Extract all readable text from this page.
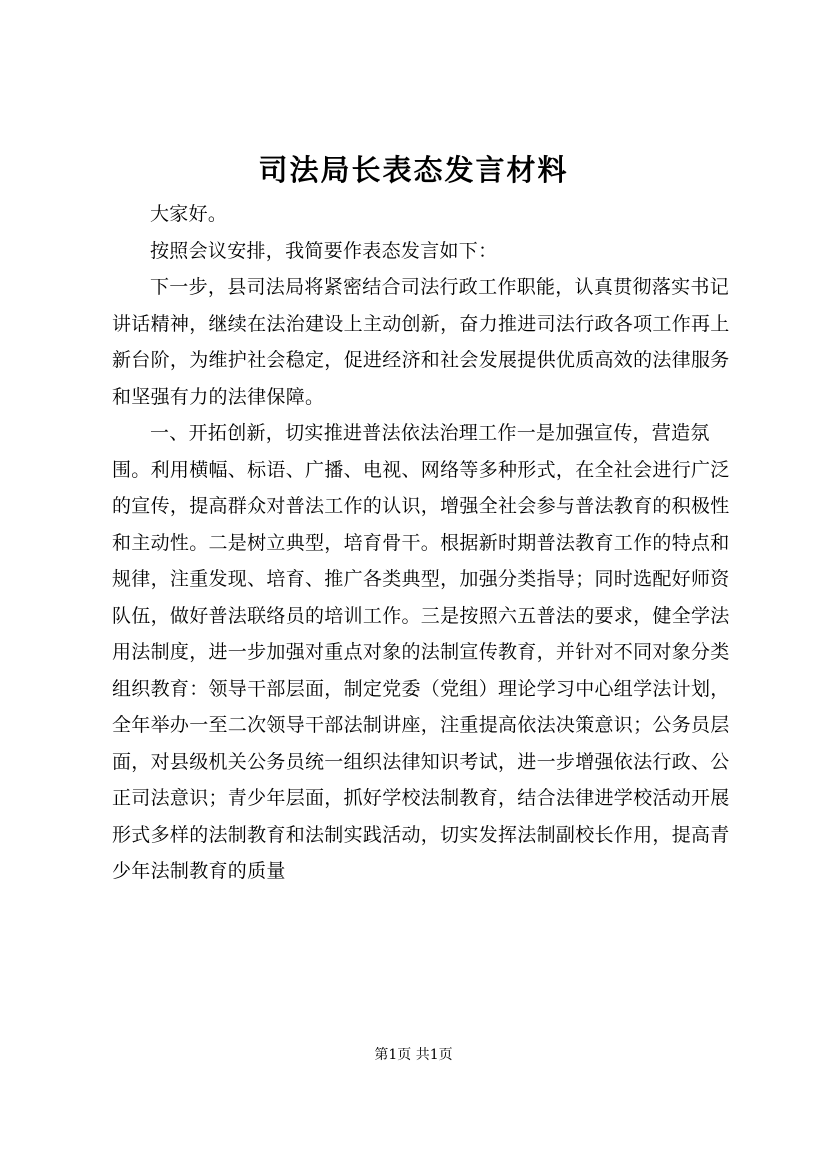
司法局长表态发言材料

大家好。

按照会议安排，我简要作表态发言如下：

下一步，县司法局将紧密结合司法行政工作职能，认真贯彻落实书记讲话精神，继续在法治建设上主动创新，奋力推进司法行政各项工作再上新台阶，为维护社会稳定，促进经济和社会发展提供优质高效的法律服务和坚强有力的法律保障。

一、开拓创新，切实推进普法依法治理工作一是加强宣传，营造氛围。利用横幅、标语、广播、电视、网络等多种形式，在全社会进行广泛的宣传，提高群众对普法工作的认识，增强全社会参与普法教育的积极性和主动性。二是树立典型，培育骨干。根据新时期普法教育工作的特点和规律，注重发现、培育、推广各类典型，加强分类指导；同时选配好师资队伍，做好普法联络员的培训工作。三是按照六五普法的要求，健全学法用法制度，进一步加强对重点对象的法制宣传教育，并针对不同对象分类组织教育：领导干部层面，制定党委（党组）理论学习中心组学法计划，全年举办一至二次领导干部法制讲座，注重提高依法决策意识；公务员层面，对县级机关公务员统一组织法律知识考试，进一步增强依法行政、公正司法意识；青少年层面，抓好学校法制教育，结合法律进学校活动开展形式多样的法制教育和法制实践活动，切实发挥法制副校长作用，提高青少年法制教育的质量

第1页 共1页
